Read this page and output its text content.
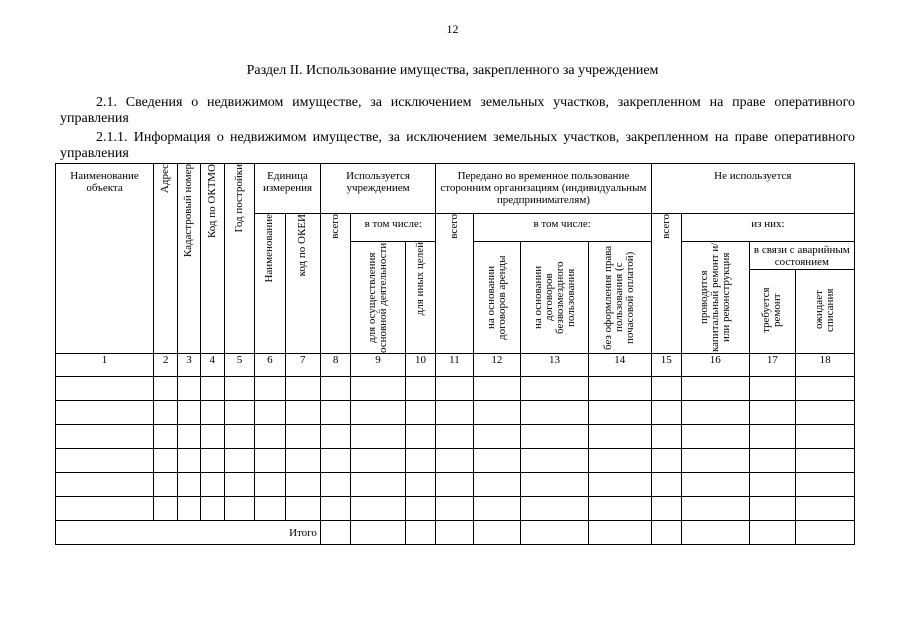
12
Раздел II. Использование имущества, закрепленного за учреждением
2.1. Сведения о недвижимом имуществе, за исключением земельных участков, закрепленном на праве оперативного управления
2.1.1. Информация о недвижимом имуществе, за исключением земельных участков, закрепленном на праве оперативного управления
Наименование объекта	Адрес	Кадастровый номер	Код по ОКТМО	Год постройки	Единица измерения		Используется учреждением			Передано во временное пользование сторонним организациям (индивидуальным предпринимателям)				Не используется			

					Наименование	код по ОКЕИ	всего	в том числе:		всего	в том числе:			всего	из них:		

								для осуществления основной деятельности	для иных целей		на основании договоров аренды	на основании договоров безвозмездного пользования	без оформления права пользования (с почасовой оплатой)		проводится капитальный ремонт и/или реконструкция	в связи с аварийным состоянием	

																требуется ремонт	ожидает списания
1	2	3	4	5	6	7	8	9	10	11	12	13	14	15	16	17	18

Итого																	
